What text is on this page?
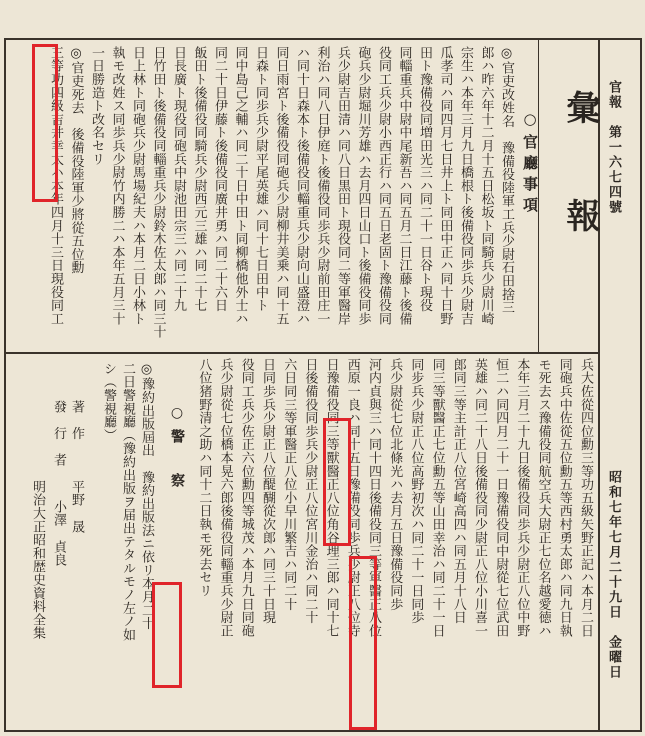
官報　第一六七四號
昭和七年七月二十九日　金曜日
彙　報
○官廳事項
◎官吏改姓名　豫備役陸軍工兵少尉石田捨三
郎ハ昨六年十二月十五日松坂ト同騎兵少尉川崎
宗生ハ本年三月九日橋根ト後備役同歩兵少尉吉
瓜孝司ハ同四月七日井上ト同田中正ハ同十日野
田ト豫備役同増田光三ハ同二十一日谷ト現役
同輜重兵中尉中尾新吾ハ同五月二日江藤ト後備
役同工兵少尉小西正行ハ同五日老固ト豫備役同
砲兵少尉堀川芳雄ハ去月四日山口ト後備役同歩
兵少尉吉田清ハ同八日黒田ト現役同二等軍醫岸
利治ハ同八日伊庭ト後備役同歩兵少尉前田庄一
ハ同十日森本ト後備役同輜重兵少尉向山盛澄ハ
同日雨宮ト後備役同砲兵少尉柳井美乗ハ同十五
日森ト同歩兵少尉平尾英雄ハ同十七日田中ト
同中島己之輔ハ同二十日中田ト同柳橋他外士ハ
同二十日伊藤ト後備役同廣井勇ハ同二十六日
飯田ト後備役同騎兵少尉西元三雄ハ同二十七
日長廣ト現役同砲兵中尉池田宗三ハ同二十九
日竹田ト後備役同輜重兵少尉鈴木佐太郎ハ同三十
日上林ト同砲兵少尉馬場紀夫ハ本月二日小林ト
執モ改姓ス同歩兵少尉竹内勝二ハ本年五月三十
一日勝造ト改名セリ
◎官吏死去　後備役陸軍少將從五位勳
三等功四級吉井幸太ハ本年四月十三日現役同工
兵大佐從四位勳三等功五級矢野正記ハ本月二日
同砲兵中佐從五位勳五等西村勇太郎ハ同九日執
モ死去ス豫備役同航空兵大尉正七位名越愛徳ハ
本年三月二十九日後備役同歩兵少尉正八位中野
恒二ハ同四月二十一日豫備役同中尉從七位武田
英雄ハ同二十八日後備役同少尉正八位小川喜一
郎同三等主計正八位宮崎高四ハ同五月十八日
同三等獸醫正七位勳五等山田幸治ハ同二十一日
同步兵少尉正八位高野初次ハ同二十一日同歩
兵少尉從七位北條光ハ去月五日豫備役同歩
河内貞與三ハ同十四日後備役同三等軍醫正八位
西原一良ハ同十五日豫備役同歩兵少尉正八位寺
日豫備役同三等獸醫正八位角谷理三郎ハ同十七
日後備役同歩兵少尉正八位宮川金治ハ同二十
六日同三等軍醫正八位小早川繁吉ハ同二十
日同歩兵少尉正八位醍醐從次郎ハ同三十日現
役同工兵少佐正六位勳四等城茂ハ本月九日同砲
兵少尉從七位橋本晃六郎後備役同輜重兵少尉正
八位猪野清之助ハ同十二日執モ死去セリ
○警　察
◎豫約出版屆出　豫約出版法ニ依リ本月二十
二日警視廳（豫約出版ヲ届出テタルモノ左ノ如
シ（警視廳）
著　作
發　行　者
明治大正昭和歴史資料全集 平野　晟
小澤　貞良
